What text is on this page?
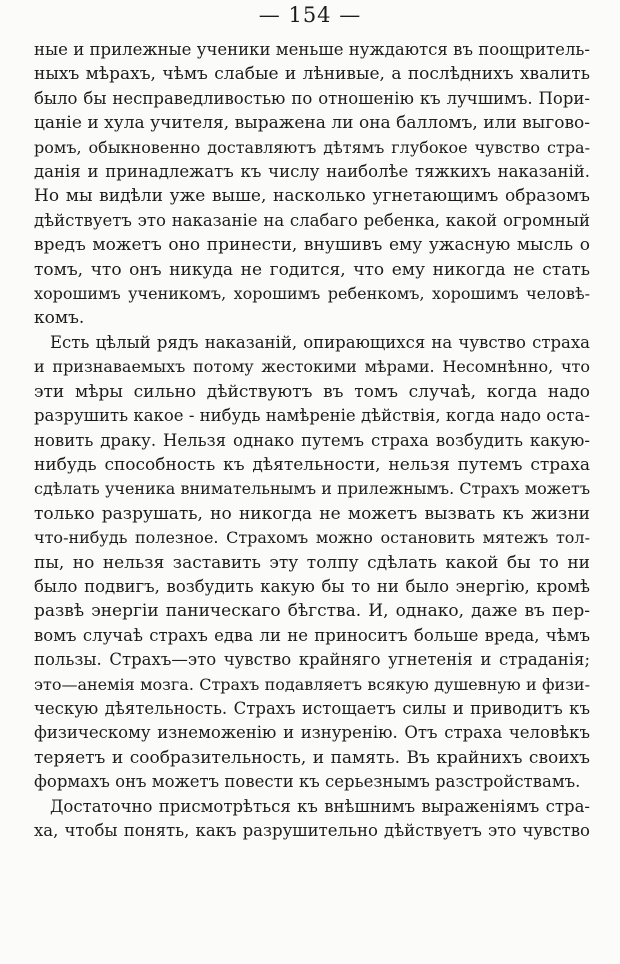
— 154 —
ные и прилежные ученики меньше нуждаются въ поощритель-
ныхъ мѣрахъ, чѣмъ слабые и лѣнивые, а послѣднихъ хвалить
было бы несправедливостью по отношенію къ лучшимъ. Пори-
цаніе и хула учителя, выражена ли она балломъ, или выгово-
ромъ, обыкновенно доставляютъ дѣтямъ глубокое чувство стра-
данія и принадлежатъ къ числу наиболѣе тяжкихъ наказаній.
Но мы видѣли уже выше, насколько угнетающимъ образомъ
дѣйствуетъ это наказаніе на слабаго ребенка, какой огромный
вредъ можетъ оно принести, внушивъ ему ужасную мысль о
томъ, что онъ никуда не годится, что ему никогда не стать
хорошимъ ученикомъ, хорошимъ ребенкомъ, хорошимъ человѣ-
комъ.
Есть цѣлый рядъ наказаній, опирающихся на чувство страха
и признаваемыхъ потому жестокими мѣрами. Несомнѣнно, что
эти мѣры сильно дѣйствуютъ въ томъ случаѣ, когда надо
разрушить какое - нибудь намѣреніе дѣйствія, когда надо оста-
новить драку. Нельзя однако путемъ страха возбудить какую-
нибудь способность къ дѣятельности, нельзя путемъ страха
сдѣлать ученика внимательнымъ и прилежнымъ. Страхъ можетъ
только разрушать, но никогда не можетъ вызвать къ жизни
что-нибудь полезное. Страхомъ можно остановить мятежъ тол-
пы, но нельзя заставить эту толпу сдѣлать какой бы то ни
было подвигъ, возбудить какую бы то ни было энергію, кромѣ
развѣ энергіи паническаго бѣгства. И, однако, даже въ пер-
вомъ случаѣ страхъ едва ли не приноситъ больше вреда, чѣмъ
пользы. Страхъ—это чувство крайняго угнетенія и страданія;
это—анемія мозга. Страхъ подавляетъ всякую душевную и физи-
ческую дѣятельность. Страхъ истощаетъ силы и приводитъ къ
физическому изнеможенію и изнуренію. Отъ страха человѣкъ
теряетъ и сообразительность, и память. Въ крайнихъ своихъ
формахъ онъ можетъ повести къ серьезнымъ разстройствамъ.
Достаточно присмотрѣться къ внѣшнимъ выраженіямъ стра-
ха, чтобы понять, какъ разрушительно дѣйствуетъ это чувство
